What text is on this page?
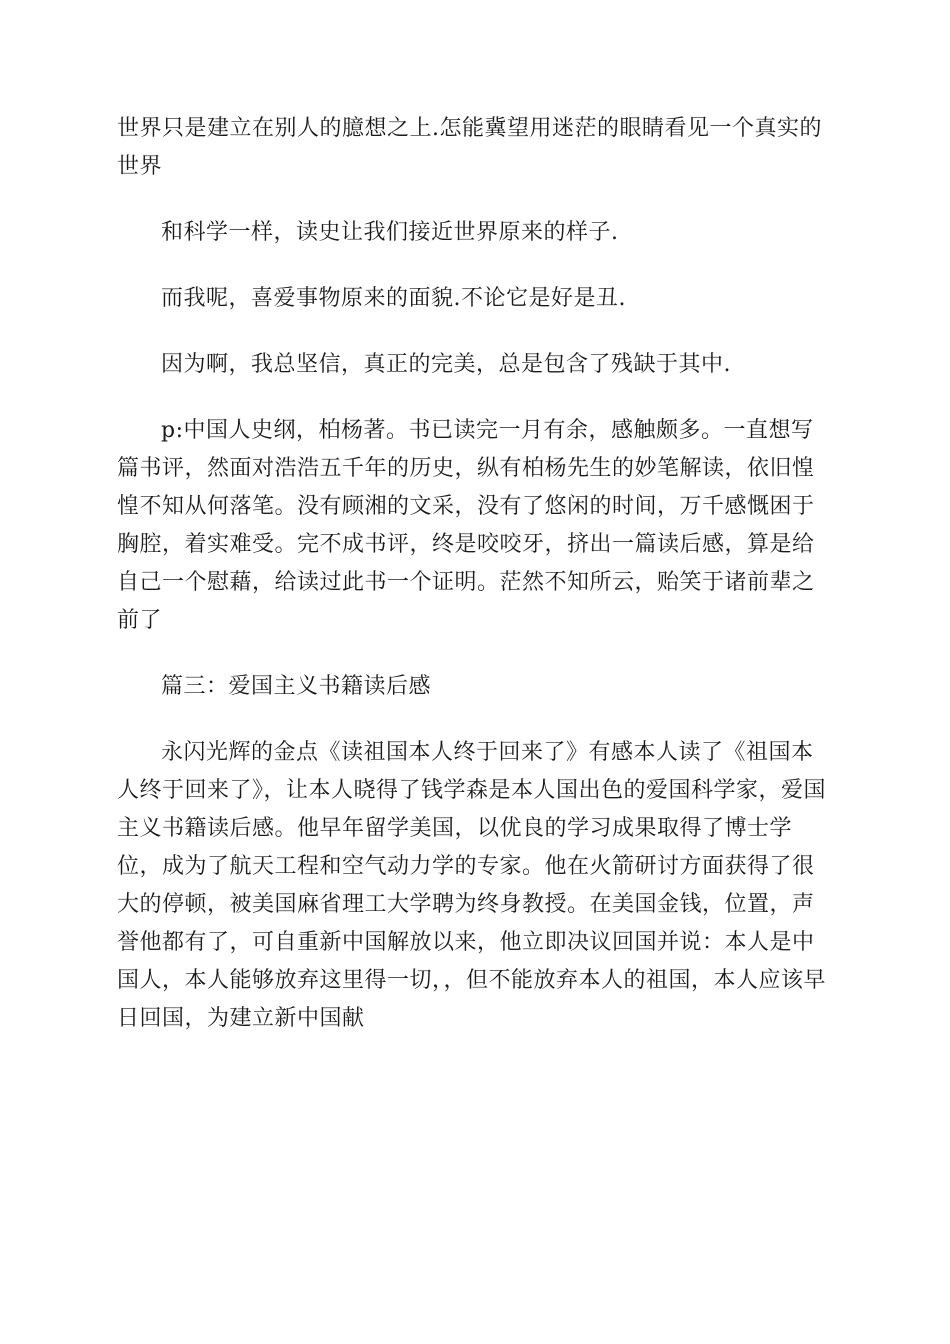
世界只是建立在别人的臆想之上.怎能冀望用迷茫的眼睛看见一个真实的世界

和科学一样，读史让我们接近世界原来的样子.

而我呢，喜爱事物原来的面貌.不论它是好是丑.

因为啊，我总坚信，真正的完美，总是包含了残缺于其中.

p:中国人史纲，柏杨著。书已读完一月有余，感触颇多。一直想写篇书评，然面对浩浩五千年的历史，纵有柏杨先生的妙笔解读，依旧惶惶不知从何落笔。没有顾湘的文采，没有了悠闲的时间，万千感慨困于胸腔，着实难受。完不成书评，终是咬咬牙，挤出一篇读后感，算是给自己一个慰藉，给读过此书一个证明。茫然不知所云，贻笑于诸前辈之前了

篇三：爱国主义书籍读后感

永闪光辉的金点《读祖国本人终于回来了》有感本人读了《祖国本人终于回来了》，让本人晓得了钱学森是本人国出色的爱国科学家，爱国主义书籍读后感。他早年留学美国，以优良的学习成果取得了博士学位，成为了航天工程和空气动力学的专家。他在火箭研讨方面获得了很大的停顿，被美国麻省理工大学聘为终身教授。在美国金钱，位置，声誉他都有了，可自重新中国解放以来，他立即决议回国并说：本人是中国人，本人能够放弃这里得一切，，但不能放弃本人的祖国，本人应该早日回国，为建立新中国献
